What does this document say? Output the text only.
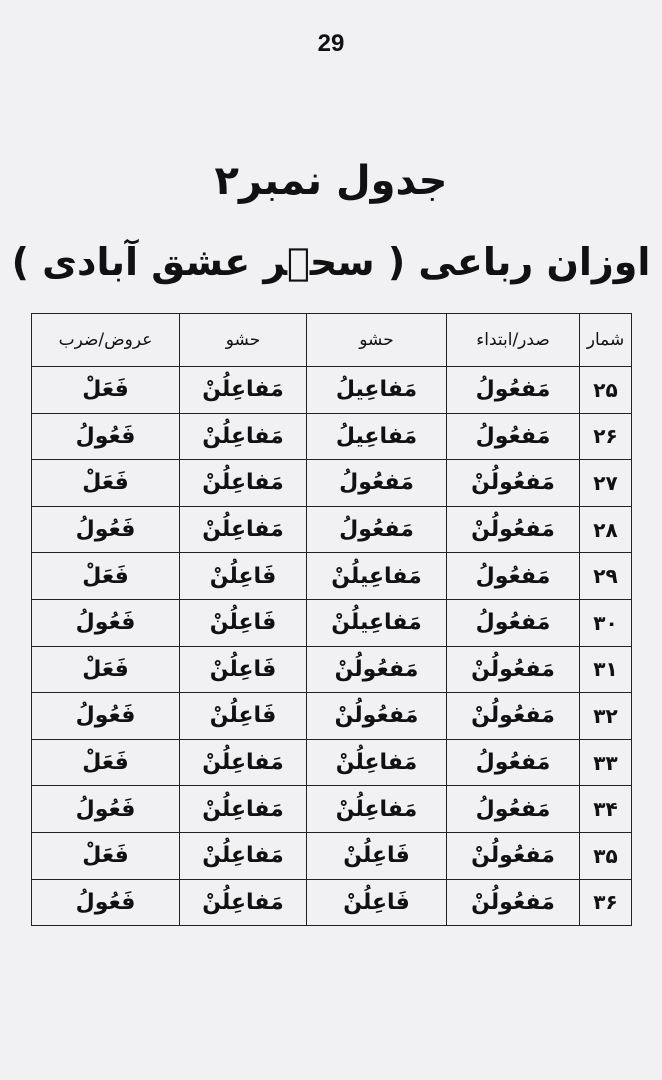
29
جدول نمبر۲
اوزان رباعی ( سحؔر عشق آبادی )
شمار	صدر/ابتداء	حشو	حشو	عروض/ضرب
۲۵	مَفعُولُ	مَفاعِیلُ	مَفاعِلُنْ	فَعَلْ
۲۶	مَفعُولُ	مَفاعِیلُ	مَفاعِلُنْ	فَعُولُ
۲۷	مَفعُولُنْ	مَفعُولُ	مَفاعِلُنْ	فَعَلْ
۲۸	مَفعُولُنْ	مَفعُولُ	مَفاعِلُنْ	فَعُولُ
۲۹	مَفعُولُ	مَفاعِیلُنْ	فَاعِلُنْ	فَعَلْ
۳۰	مَفعُولُ	مَفاعِیلُنْ	فَاعِلُنْ	فَعُولُ
۳۱	مَفعُولُنْ	مَفعُولُنْ	فَاعِلُنْ	فَعَلْ
۳۲	مَفعُولُنْ	مَفعُولُنْ	فَاعِلُنْ	فَعُولُ
۳۳	مَفعُولُ	مَفاعِلُنْ	مَفاعِلُنْ	فَعَلْ
۳۴	مَفعُولُ	مَفاعِلُنْ	مَفاعِلُنْ	فَعُولُ
۳۵	مَفعُولُنْ	فَاعِلُنْ	مَفاعِلُنْ	فَعَلْ
۳۶	مَفعُولُنْ	فَاعِلُنْ	مَفاعِلُنْ	فَعُولُ
